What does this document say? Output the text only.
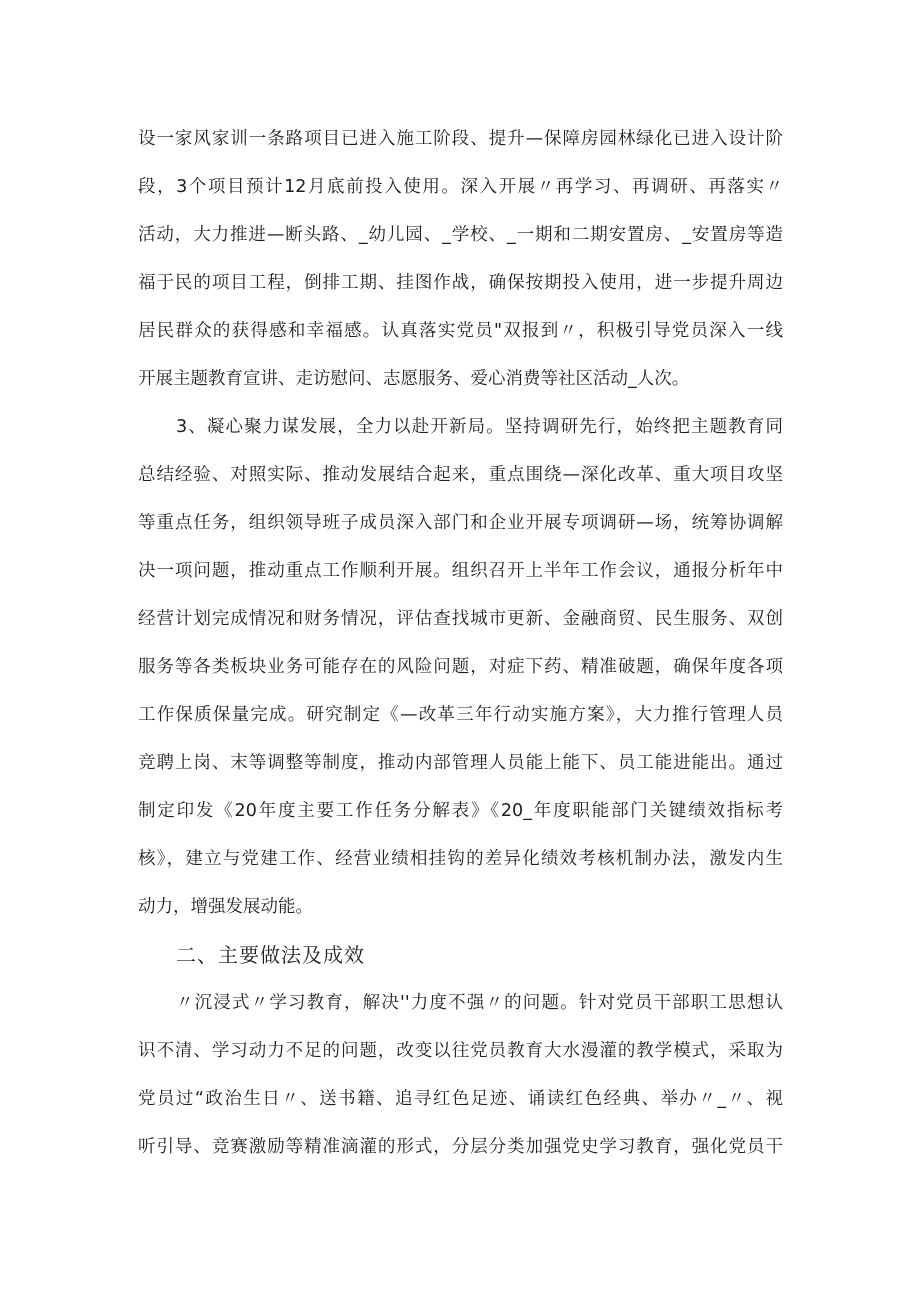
设一家风家训一条路项目已进入施工阶段、提升—保障房园林绿化已进入设计阶
段，3个项目预计12月底前投入使用。深入开展〃再学习、再调研、再落实〃
活动，大力推进—断头路、_幼儿园、_学校、_一期和二期安置房、_安置房等造
福于民的项目工程，倒排工期、挂图作战，确保按期投入使用，进一步提升周边
居民群众的获得感和幸福感。认真落实党员"双报到〃，积极引导党员深入一线
开展主题教育宣讲、走访慰问、志愿服务、爱心消费等社区活动_人次。
3、凝心聚力谋发展，全力以赴开新局。坚持调研先行，始终把主题教育同
总结经验、对照实际、推动发展结合起来，重点围绕—深化改革、重大项目攻坚
等重点任务，组织领导班子成员深入部门和企业开展专项调研—场，统筹协调解
决一项问题，推动重点工作顺利开展。组织召开上半年工作会议，通报分析年中
经营计划完成情况和财务情况，评估查找城市更新、金融商贸、民生服务、双创
服务等各类板块业务可能存在的风险问题，对症下药、精准破题，确保年度各项
工作保质保量完成。研究制定《—改革三年行动实施方案》，大力推行管理人员
竞聘上岗、末等调整等制度，推动内部管理人员能上能下、员工能进能出。通过
制定印发《20年度主要工作任务分解表》《20_年度职能部门关键绩效指标考
核》，建立与党建工作、经营业绩相挂钩的差异化绩效考核机制办法，激发内生
动力，增强发展动能。
二、主要做法及成效
〃沉浸式〃学习教育，解决''力度不强〃的问题。针对党员干部职工思想认
识不清、学习动力不足的问题，改变以往党员教育大水漫灌的教学模式，采取为
党员过“政治生日〃、送书籍、追寻红色足迹、诵读红色经典、举办〃_〃、视
听引导、竞赛激励等精准滴灌的形式，分层分类加强党史学习教育，强化党员干
